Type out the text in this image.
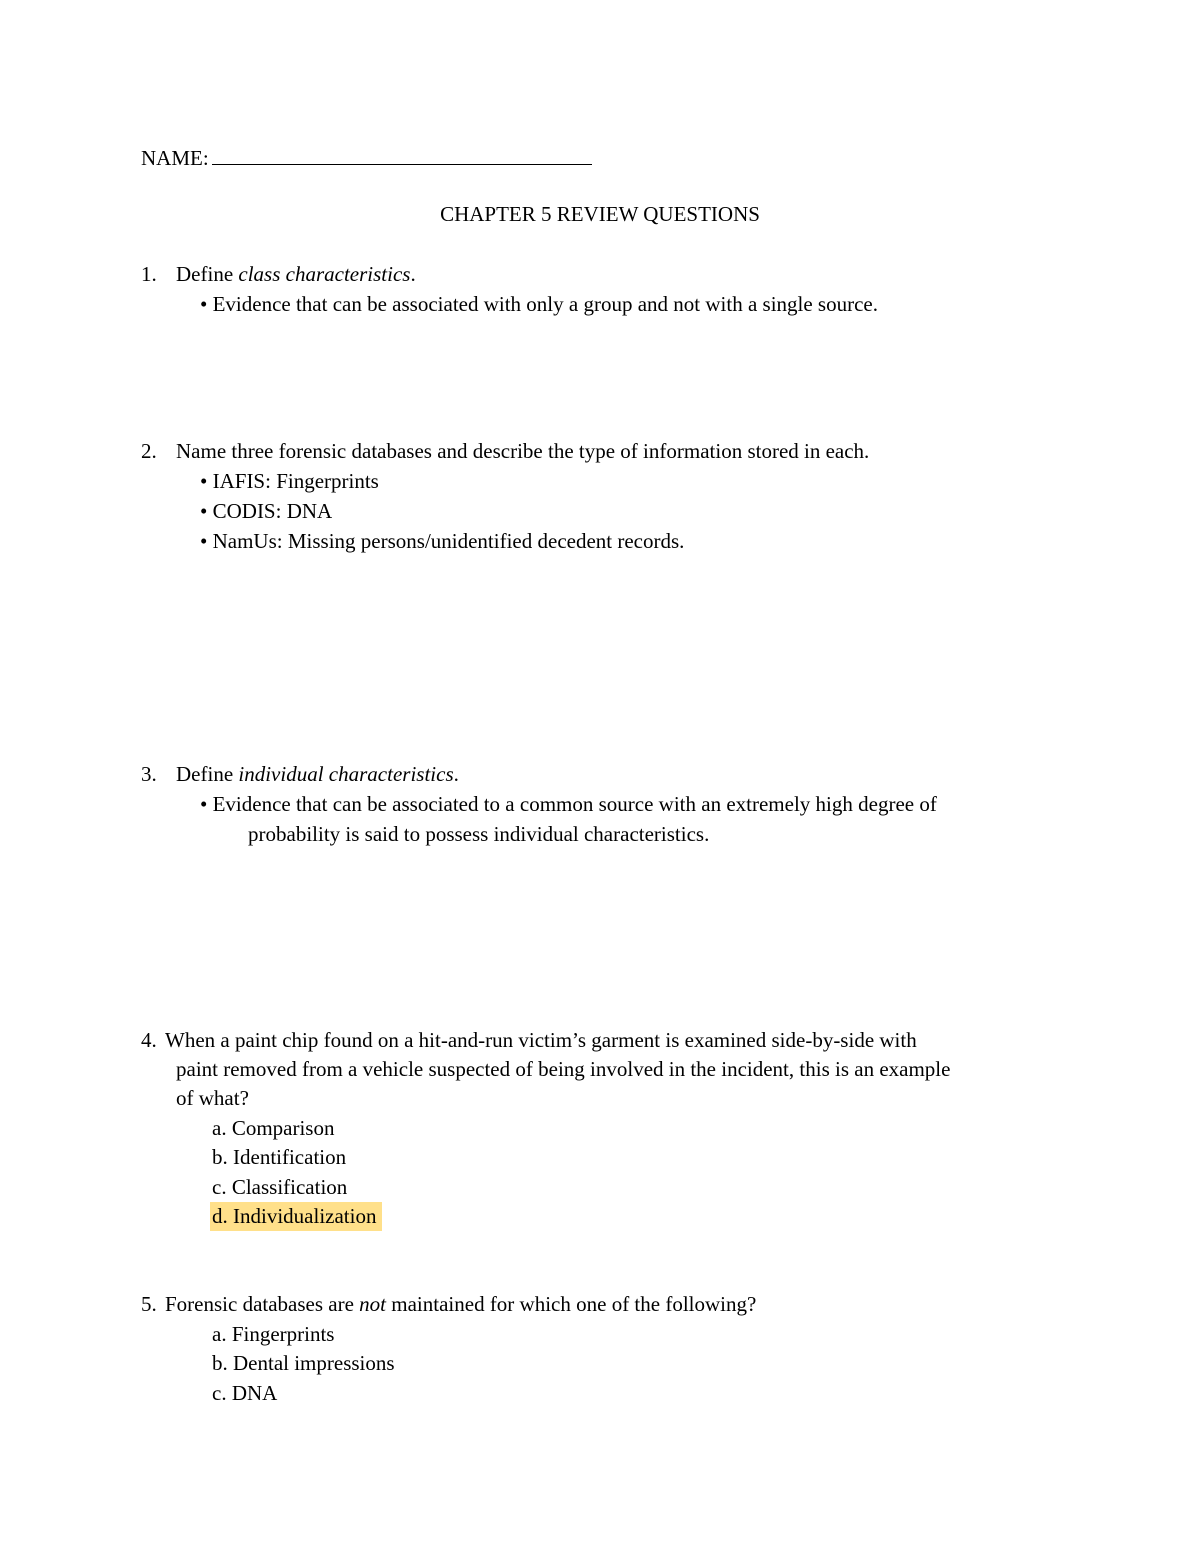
NAME:
CHAPTER 5 REVIEW QUESTIONS
1. Define class characteristics.
• Evidence that can be associated with only a group and not with a single source.
2. Name three forensic databases and describe the type of information stored in each.
• IAFIS: Fingerprints
• CODIS: DNA
• NamUs: Missing persons/unidentified decedent records.
3. Define individual characteristics.
• Evidence that can be associated to a common source with an extremely high degree of
probability is said to possess individual characteristics.
4. When a paint chip found on a hit-and-run victim’s garment is examined side-by-side with
paint removed from a vehicle suspected of being involved in the incident, this is an example
of what?
a. Comparison
b. Identification
c. Classification
d. Individualization
5. Forensic databases are not maintained for which one of the following?
a. Fingerprints
b. Dental impressions
c. DNA
